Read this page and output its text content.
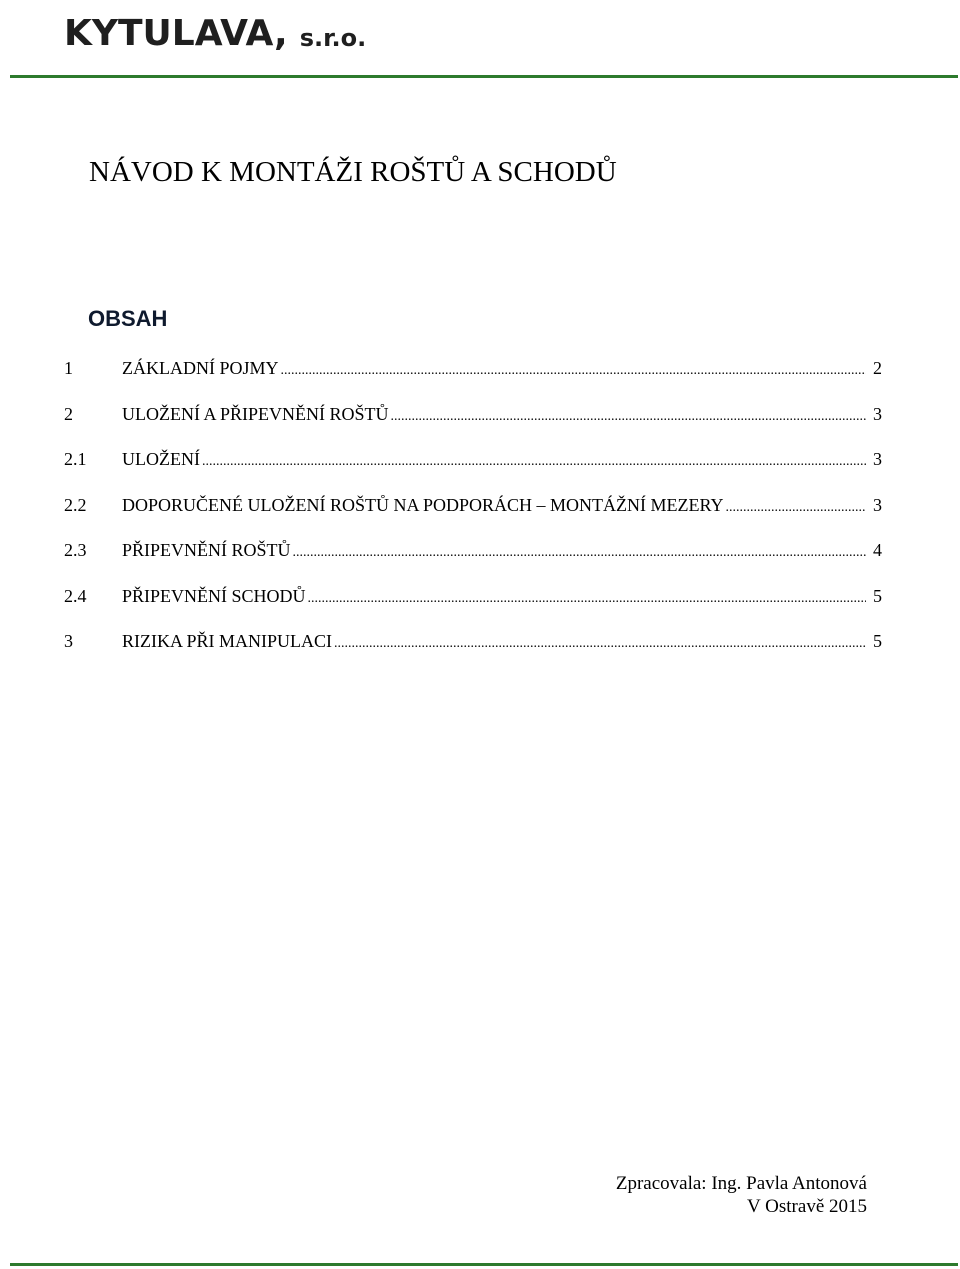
KYTULAVA, s.r.o.
NÁVOD K MONTÁŽI ROŠTŮ A SCHODŮ
OBSAH
1	ZÁKLADNÍ POJMY .....	2
2	ULOŽENÍ A PŘIPEVNĚNÍ ROŠTŮ .....	3
2.1	ULOŽENÍ .....	3
2.2	DOPORUČENÉ ULOŽENÍ ROŠTŮ NA PODPORÁCH – MONTÁŽNÍ MEZERY .....	3
2.3	PŘIPEVNĚNÍ ROŠTŮ .....	4
2.4	PŘIPEVNĚNÍ SCHODŮ .....	5
3	RIZIKA PŘI MANIPULACI .....	5
Zpracovala: Ing. Pavla Antonová
V Ostravě 2015
